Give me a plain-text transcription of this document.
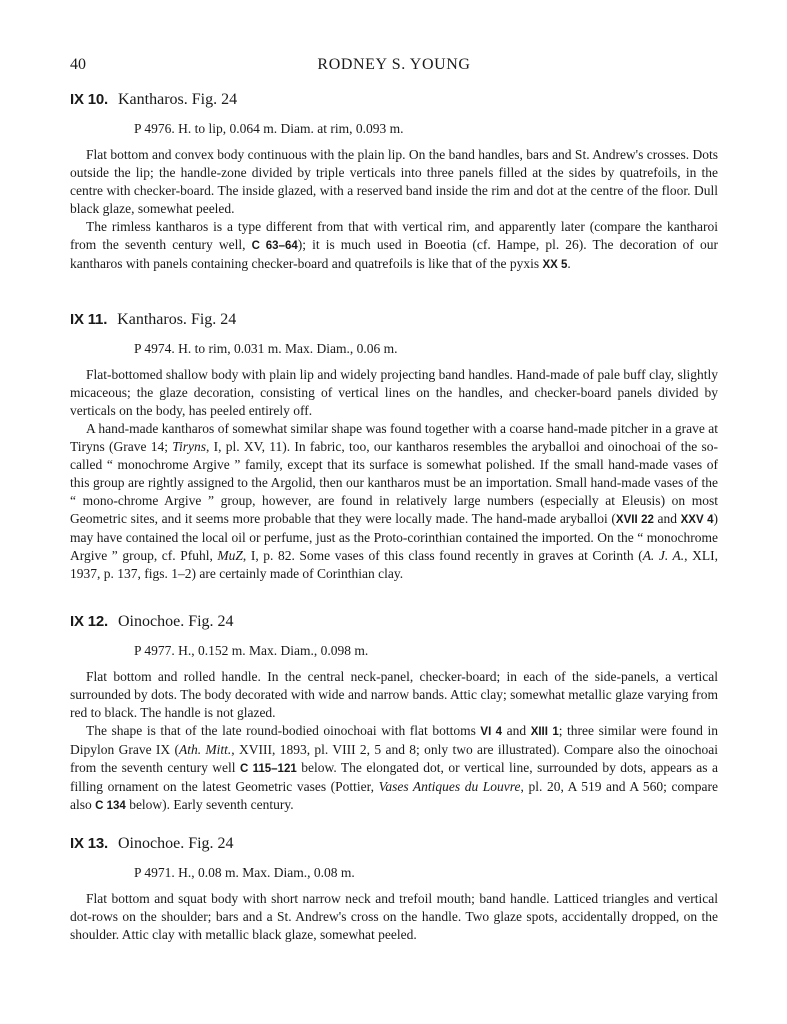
40	RODNEY S. YOUNG
IX 10. Kantharos. Fig. 24
P 4976. H. to lip, 0.064 m. Diam. at rim, 0.093 m.

Flat bottom and convex body continuous with the plain lip. On the band handles, bars and St. Andrew's crosses. Dots outside the lip; the handle-zone divided by triple verticals into three panels filled at the sides by quatrefoils, in the centre with checker-board. The inside glazed, with a reserved band inside the rim and dot at the centre of the floor. Dull black glaze, somewhat peeled.

The rimless kantharos is a type different from that with vertical rim, and apparently later (compare the kantharoi from the seventh century well, C 63–64); it is much used in Boeotia (cf. Hampe, pl. 26). The decoration of our kantharos with panels containing checker-board and quatrefoils is like that of the pyxis XX 5.

IX 11. Kantharos. Fig. 24
P 4974. H. to rim, 0.031 m. Max. Diam., 0.06 m.

Flat-bottomed shallow body with plain lip and widely projecting band handles. Hand-made of pale buff clay, slightly micaceous; the glaze decoration, consisting of vertical lines on the handles, and checker-board panels divided by verticals on the body, has peeled entirely off.

A hand-made kantharos of somewhat similar shape was found together with a coarse hand-made pitcher in a grave at Tiryns (Grave 14; Tiryns, I, pl. XV, 11). In fabric, too, our kantharos resembles the aryballoi and oinochoai of the so-called “ monochrome Argive ” family, except that its surface is somewhat polished. If the small hand-made vases of this group are rightly assigned to the Argolid, then our kantharos must be an importation. Small hand-made vases of the “ mono-chrome Argive ” group, however, are found in relatively large numbers (especially at Eleusis) on most Geometric sites, and it seems more probable that they were locally made. The hand-made aryballoi (XVII 22 and XXV 4) may have contained the local oil or perfume, just as the Proto-corinthian contained the imported. On the “ monochrome Argive ” group, cf. Pfuhl, MuZ, I, p. 82. Some vases of this class found recently in graves at Corinth (A. J. A., XLI, 1937, p. 137, figs. 1–2) are certainly made of Corinthian clay.

IX 12. Oinochoe. Fig. 24
P 4977. H., 0.152 m. Max. Diam., 0.098 m.

Flat bottom and rolled handle. In the central neck-panel, checker-board; in each of the side-panels, a vertical surrounded by dots. The body decorated with wide and narrow bands. Attic clay; somewhat metallic glaze varying from red to black. The handle is not glazed.

The shape is that of the late round-bodied oinochoai with flat bottoms VI 4 and XIII 1; three similar were found in Dipylon Grave IX (Ath. Mitt., XVIII, 1893, pl. VIII 2, 5 and 8; only two are illustrated). Compare also the oinochoai from the seventh century well C 115–121 below. The elongated dot, or vertical line, surrounded by dots, appears as a filling ornament on the latest Geometric vases (Pottier, Vases Antiques du Louvre, pl. 20, A 519 and A 560; compare also C 134 below). Early seventh century.

IX 13. Oinochoe. Fig. 24
P 4971. H., 0.08 m. Max. Diam., 0.08 m.

Flat bottom and squat body with short narrow neck and trefoil mouth; band handle. Latticed triangles and vertical dot-rows on the shoulder; bars and a St. Andrew's cross on the handle. Two glaze spots, accidentally dropped, on the shoulder. Attic clay with metallic black glaze, somewhat peeled.
